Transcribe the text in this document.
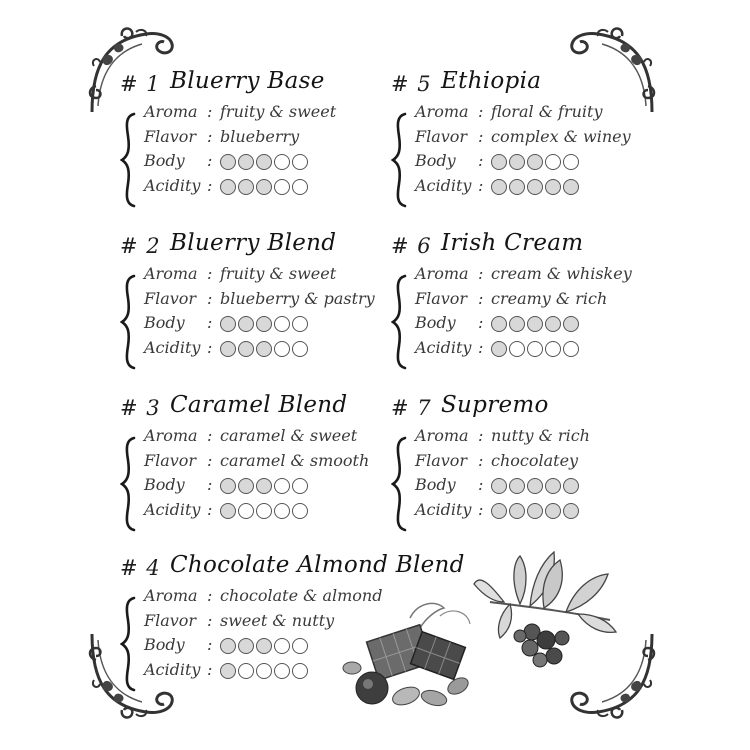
# 1 Bluerry Base
Aroma : fruity & sweet
Flavor : blueberry
Body :
Acidity :
# 2 Bluerry Blend
Aroma : fruity & sweet
Flavor : blueberry & pastry
Body :
Acidity :
# 3 Caramel Blend
Aroma : caramel & sweet
Flavor : caramel & smooth
Body :
Acidity :
# 4 Chocolate Almond Blend
Aroma : chocolate & almond
Flavor : sweet & nutty
Body :
Acidity :
# 5 Ethiopia
Aroma : floral & fruity
Flavor : complex & winey
Body :
Acidity :
# 6 Irish Cream
Aroma : cream & whiskey
Flavor : creamy & rich
Body :
Acidity :
# 7 Supremo
Aroma : nutty & rich
Flavor : chocolatey
Body :
Acidity :
